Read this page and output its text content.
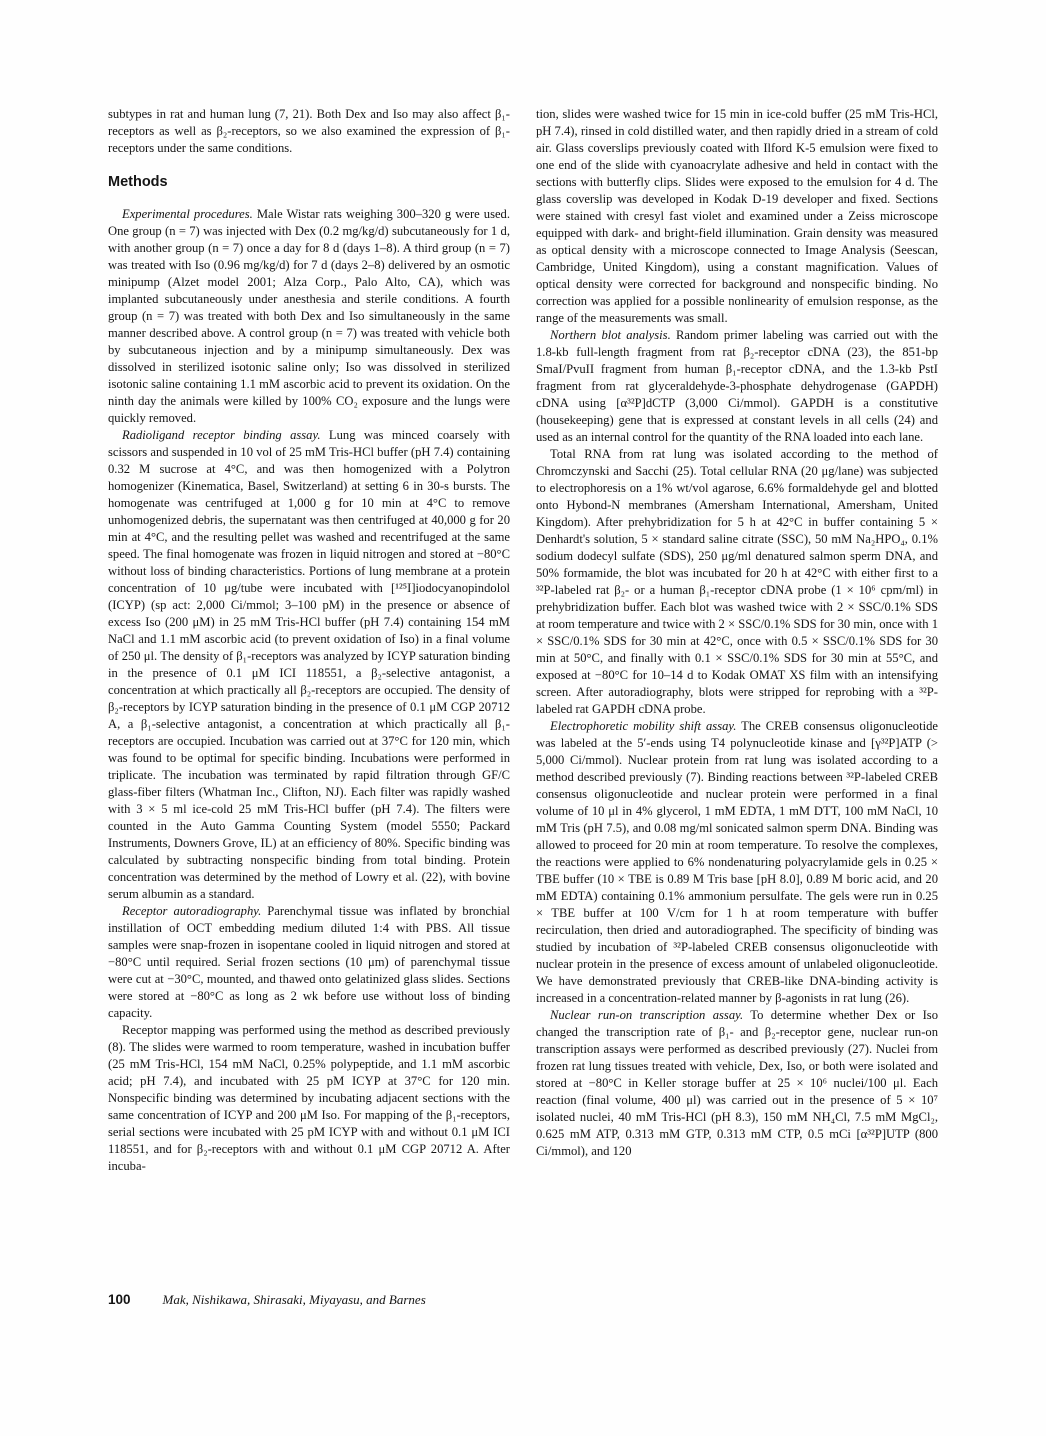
subtypes in rat and human lung (7, 21). Both Dex and Iso may also affect β₁-receptors as well as β₂-receptors, so we also examined the expression of β₁-receptors under the same conditions.

Methods

Experimental procedures. Male Wistar rats weighing 300–320 g were used. One group (n = 7) was injected with Dex (0.2 mg/kg/d) subcutaneously for 1 d, with another group (n = 7) once a day for 8 d (days 1–8). A third group (n = 7) was treated with Iso (0.96 mg/kg/d) for 7 d (days 2–8) delivered by an osmotic minipump (Alzet model 2001; Alza Corp., Palo Alto, CA), which was implanted subcutaneously under anesthesia and sterile conditions. A fourth group (n = 7) was treated with both Dex and Iso simultaneously in the same manner described above. A control group (n = 7) was treated with vehicle both by subcutaneous injection and by a minipump simultaneously. Dex was dissolved in sterilized isotonic saline only; Iso was dissolved in sterilized isotonic saline containing 1.1 mM ascorbic acid to prevent its oxidation. On the ninth day the animals were killed by 100% CO₂ exposure and the lungs were quickly removed.

Radioligand receptor binding assay. Lung was minced coarsely with scissors and suspended in 10 vol of 25 mM Tris-HCl buffer (pH 7.4) containing 0.32 M sucrose at 4°C, and was then homogenized with a Polytron homogenizer (Kinematica, Basel, Switzerland) at setting 6 in 30-s bursts. The homogenate was centrifuged at 1,000 g for 10 min at 4°C to remove unhomogenized debris, the supernatant was then centrifuged at 40,000 g for 20 min at 4°C, and the resulting pellet was washed and recentrifuged at the same speed. The final homogenate was frozen in liquid nitrogen and stored at −80°C without loss of binding characteristics. Portions of lung membrane at a protein concentration of 10 μg/tube were incubated with [¹²⁵I]iodocyanopindolol (ICYP) (sp act: 2,000 Ci/mmol; 3–100 pM) in the presence or absence of excess Iso (200 μM) in 25 mM Tris-HCl buffer (pH 7.4) containing 154 mM NaCl and 1.1 mM ascorbic acid (to prevent oxidation of Iso) in a final volume of 250 μl. The density of β₁-receptors was analyzed by ICYP saturation binding in the presence of 0.1 μM ICI 118551, a β₂-selective antagonist, a concentration at which practically all β₂-receptors are occupied. The density of β₂-receptors by ICYP saturation binding in the presence of 0.1 μM CGP 20712 A, a β₁-selective antagonist, a concentration at which practically all β₁-receptors are occupied. Incubation was carried out at 37°C for 120 min, which was found to be optimal for specific binding. Incubations were performed in triplicate. The incubation was terminated by rapid filtration through GF/C glass-fiber filters (Whatman Inc., Clifton, NJ). Each filter was rapidly washed with 3 × 5 ml ice-cold 25 mM Tris-HCl buffer (pH 7.4). The filters were counted in the Auto Gamma Counting System (model 5550; Packard Instruments, Downers Grove, IL) at an efficiency of 80%. Specific binding was calculated by subtracting nonspecific binding from total binding. Protein concentration was determined by the method of Lowry et al. (22), with bovine serum albumin as a standard.

Receptor autoradiography. Parenchymal tissue was inflated by bronchial instillation of OCT embedding medium diluted 1:4 with PBS. All tissue samples were snap-frozen in isopentane cooled in liquid nitrogen and stored at −80°C until required. Serial frozen sections (10 μm) of parenchymal tissue were cut at −30°C, mounted, and thawed onto gelatinized glass slides. Sections were stored at −80°C as long as 2 wk before use without loss of binding capacity.

Receptor mapping was performed using the method as described previously (8). The slides were warmed to room temperature, washed in incubation buffer (25 mM Tris-HCl, 154 mM NaCl, 0.25% polypeptide, and 1.1 mM ascorbic acid; pH 7.4), and incubated with 25 pM ICYP at 37°C for 120 min. Nonspecific binding was determined by incubating adjacent sections with the same concentration of ICYP and 200 μM Iso. For mapping of the β₁-receptors, serial sections were incubated with 25 pM ICYP with and without 0.1 μM ICI 118551, and for β₂-receptors with and without 0.1 μM CGP 20712 A. After incuba-

tion, slides were washed twice for 15 min in ice-cold buffer (25 mM Tris-HCl, pH 7.4), rinsed in cold distilled water, and then rapidly dried in a stream of cold air. Glass coverslips previously coated with Ilford K-5 emulsion were fixed to one end of the slide with cyanoacrylate adhesive and held in contact with the sections with butterfly clips. Slides were exposed to the emulsion for 4 d. The glass coverslip was developed in Kodak D-19 developer and fixed. Sections were stained with cresyl fast violet and examined under a Zeiss microscope equipped with dark- and bright-field illumination. Grain density was measured as optical density with a microscope connected to Image Analysis (Seescan, Cambridge, United Kingdom), using a constant magnification. Values of optical density were corrected for background and nonspecific binding. No correction was applied for a possible nonlinearity of emulsion response, as the range of the measurements was small.

Northern blot analysis. Random primer labeling was carried out with the 1.8-kb full-length fragment from rat β₂-receptor cDNA (23), the 851-bp SmaI/PvuII fragment from human β₁-receptor cDNA, and the 1.3-kb PstI fragment from rat glyceraldehyde-3-phosphate dehydrogenase (GAPDH) cDNA using [α³²P]dCTP (3,000 Ci/mmol). GAPDH is a constitutive (housekeeping) gene that is expressed at constant levels in all cells (24) and used as an internal control for the quantity of the RNA loaded into each lane.

Total RNA from rat lung was isolated according to the method of Chromczynski and Sacchi (25). Total cellular RNA (20 μg/lane) was subjected to electrophoresis on a 1% wt/vol agarose, 6.6% formaldehyde gel and blotted onto Hybond-N membranes (Amersham International, Amersham, United Kingdom). After prehybridization for 5 h at 42°C in buffer containing 5 × Denhardt's solution, 5 × standard saline citrate (SSC), 50 mM Na₂HPO₄, 0.1% sodium dodecyl sulfate (SDS), 250 μg/ml denatured salmon sperm DNA, and 50% formamide, the blot was incubated for 20 h at 42°C with either first to a ³²P-labeled rat β₂- or a human β₁-receptor cDNA probe (1 × 10⁶ cpm/ml) in prehybridization buffer. Each blot was washed twice with 2 × SSC/0.1% SDS at room temperature and twice with 2 × SSC/0.1% SDS for 30 min, once with 1 × SSC/0.1% SDS for 30 min at 42°C, once with 0.5 × SSC/0.1% SDS for 30 min at 50°C, and finally with 0.1 × SSC/0.1% SDS for 30 min at 55°C, and exposed at −80°C for 10–14 d to Kodak OMAT XS film with an intensifying screen. After autoradiography, blots were stripped for reprobing with a ³²P-labeled rat GAPDH cDNA probe.

Electrophoretic mobility shift assay. The CREB consensus oligonucleotide was labeled at the 5′-ends using T4 polynucleotide kinase and [γ³²P]ATP (> 5,000 Ci/mmol). Nuclear protein from rat lung was isolated according to a method described previously (7). Binding reactions between ³²P-labeled CREB consensus oligonucleotide and nuclear protein were performed in a final volume of 10 μl in 4% glycerol, 1 mM EDTA, 1 mM DTT, 100 mM NaCl, 10 mM Tris (pH 7.5), and 0.08 mg/ml sonicated salmon sperm DNA. Binding was allowed to proceed for 20 min at room temperature. To resolve the complexes, the reactions were applied to 6% nondenaturing polyacrylamide gels in 0.25 × TBE buffer (10 × TBE is 0.89 M Tris base [pH 8.0], 0.89 M boric acid, and 20 mM EDTA) containing 0.1% ammonium persulfate. The gels were run in 0.25 × TBE buffer at 100 V/cm for 1 h at room temperature with buffer recirculation, then dried and autoradiographed. The specificity of binding was studied by incubation of ³²P-labeled CREB consensus oligonucleotide with nuclear protein in the presence of excess amount of unlabeled oligonucleotide. We have demonstrated previously that CREB-like DNA-binding activity is increased in a concentration-related manner by β-agonists in rat lung (26).

Nuclear run-on transcription assay. To determine whether Dex or Iso changed the transcription rate of β₁- and β₂-receptor gene, nuclear run-on transcription assays were performed as described previously (27). Nuclei from frozen rat lung tissues treated with vehicle, Dex, Iso, or both were isolated and stored at −80°C in Keller storage buffer at 25 × 10⁶ nuclei/100 μl. Each reaction (final volume, 400 μl) was carried out in the presence of 5 × 10⁷ isolated nuclei, 40 mM Tris-HCl (pH 8.3), 150 mM NH₄Cl, 7.5 mM MgCl₂, 0.625 mM ATP, 0.313 mM GTP, 0.313 mM CTP, 0.5 mCi [α³²P]UTP (800 Ci/mmol), and 120

100 Mak, Nishikawa, Shirasaki, Miyayasu, and Barnes
